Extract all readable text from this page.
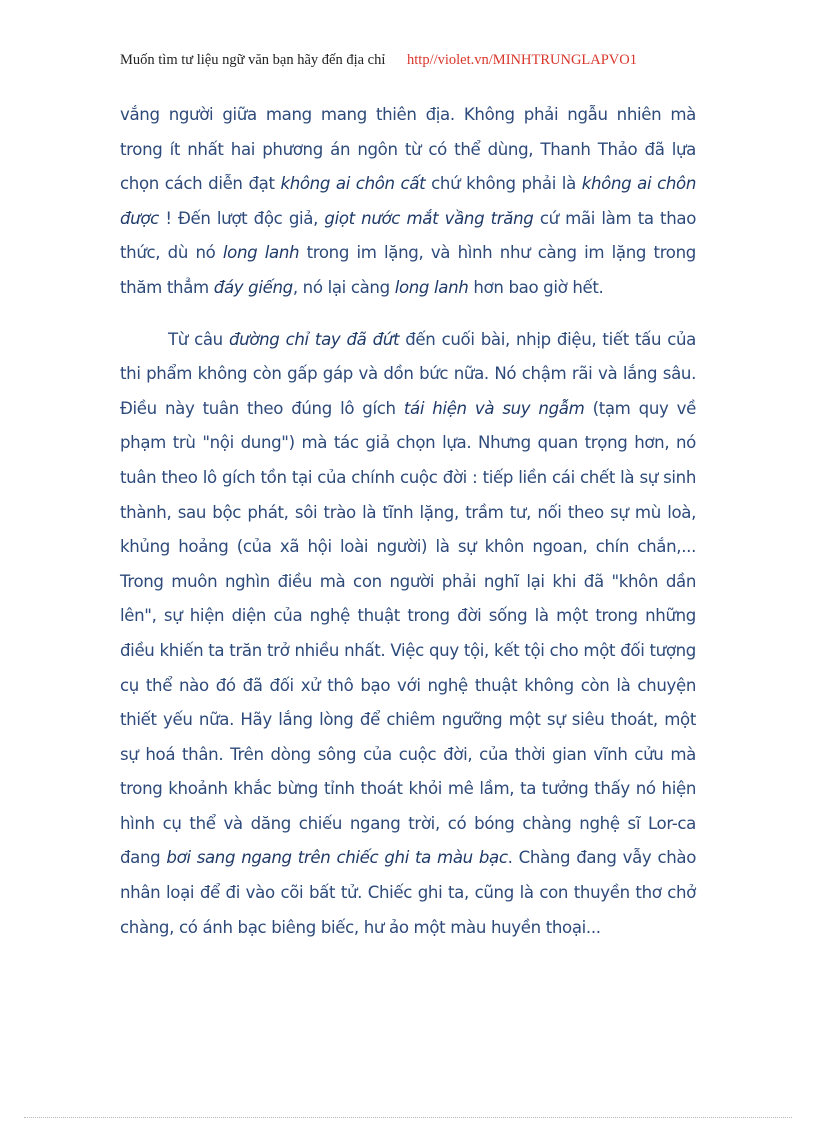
Muốn tìm tư liệu ngữ văn bạn hãy đến địa chỉ http//violet.vn/MINHTRUNGLAPVO1

vắng người giữa mang mang thiên địa. Không phải ngẫu nhiên mà trong ít nhất hai phương án ngôn từ có thể dùng, Thanh Thảo đã lựa chọn cách diễn đạt không ai chôn cất chứ không phải là không ai chôn được ! Đến lượt độc giả, giọt nước mắt vầng trăng cứ mãi làm ta thao thức, dù nó long lanh trong im lặng, và hình như càng im lặng trong thăm thẳm đáy giếng, nó lại càng long lanh hơn bao giờ hết.

Từ câu đường chỉ tay đã đứt đến cuối bài, nhịp điệu, tiết tấu của thi phẩm không còn gấp gáp và dồn bức nữa. Nó chậm rãi và lắng sâu. Điều này tuân theo đúng lô gích tái hiện và suy ngẫm (tạm quy về phạm trù "nội dung") mà tác giả chọn lựa. Nhưng quan trọng hơn, nó tuân theo lô gích tồn tại của chính cuộc đời : tiếp liền cái chết là sự sinh thành, sau bộc phát, sôi trào là tĩnh lặng, trầm tư, nối theo sự mù loà, khủng hoảng (của xã hội loài người) là sự khôn ngoan, chín chắn,... Trong muôn nghìn điều mà con người phải nghĩ lại khi đã "khôn dần lên", sự hiện diện của nghệ thuật trong đời sống là một trong những điều khiến ta trăn trở nhiều nhất. Việc quy tội, kết tội cho một đối tượng cụ thể nào đó đã đối xử thô bạo với nghệ thuật không còn là chuyện thiết yếu nữa. Hãy lắng lòng để chiêm ngưỡng một sự siêu thoát, một sự hoá thân. Trên dòng sông của cuộc đời, của thời gian vĩnh cửu mà trong khoảnh khắc bừng tỉnh thoát khỏi mê lầm, ta tưởng thấy nó hiện hình cụ thể và dăng chiếu ngang trời, có bóng chàng nghệ sĩ Lor-ca đang bơi sang ngang trên chiếc ghi ta màu bạc. Chàng đang vẫy chào nhân loại để đi vào cõi bất tử. Chiếc ghi ta, cũng là con thuyền thơ chở chàng, có ánh bạc biêng biếc, hư ảo một màu huyền thoại...
